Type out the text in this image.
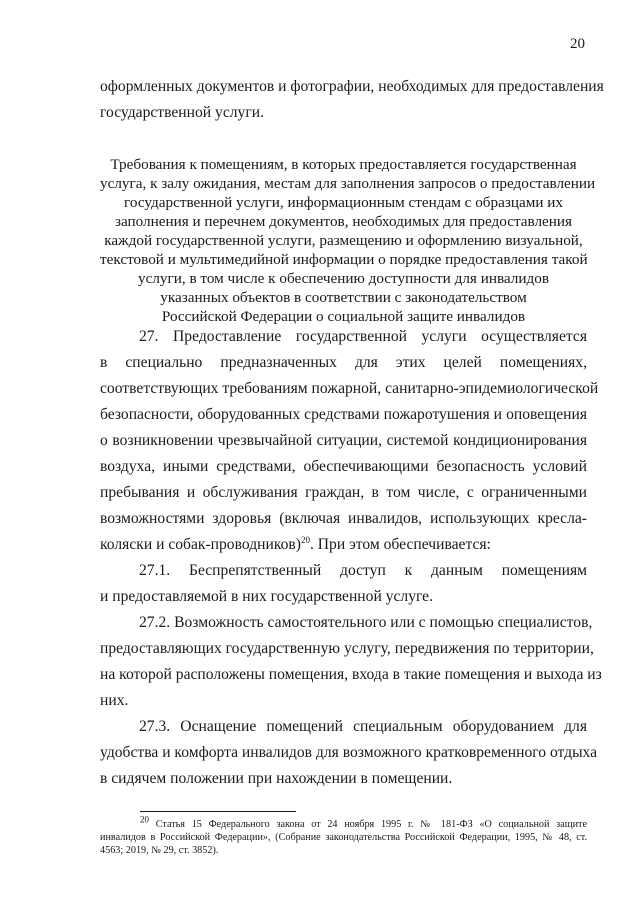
20
оформленных документов и фотографии, необходимых для предоставления
государственной услуги.
Требования к помещениям, в которых предоставляется государственная
услуга, к залу ожидания, местам для заполнения запросов о предоставлении
государственной услуги, информационным стендам с образцами их
заполнения и перечнем документов, необходимых для предоставления
каждой государственной услуги, размещению и оформлению визуальной,
текстовой и мультимедийной информации о порядке предоставления такой
услуги, в том числе к обеспечению доступности для инвалидов
указанных объектов в соответствии с законодательством
Российской Федерации о социальной защите инвалидов
27. Предоставление государственной услуги осуществляется
в специально предназначенных для этих целей помещениях,
соответствующих требованиям пожарной, санитарно-эпидемиологической
безопасности, оборудованных средствами пожаротушения и оповещения
о возникновении чрезвычайной ситуации, системой кондиционирования
воздуха, иными средствами, обеспечивающими безопасность условий
пребывания и обслуживания граждан, в том числе, с ограниченными
возможностями здоровья (включая инвалидов, использующих кресла-
коляски и собак-проводников)$^{20}$. При этом обеспечивается:
27.1. Беспрепятственный доступ к данным помещениям
и предоставляемой в них государственной услуге.
27.2. Возможность самостоятельного или с помощью специалистов,
предоставляющих государственную услугу, передвижения по территории,
на которой расположены помещения, входа в такие помещения и выхода из
них.
27.3. Оснащение помещений специальным оборудованием для
удобства и комфорта инвалидов для возможного кратковременного отдыха
в сидячем положении при нахождении в помещении.
$^{20}$ Статья 15 Федерального закона от 24 ноября 1995 г. № 181-ФЗ «О социальной защите
инвалидов в Российской Федерации», (Собрание законодательства Российской Федерации, 1995, № 48, ст.
4563; 2019, № 29, ст. 3852).
